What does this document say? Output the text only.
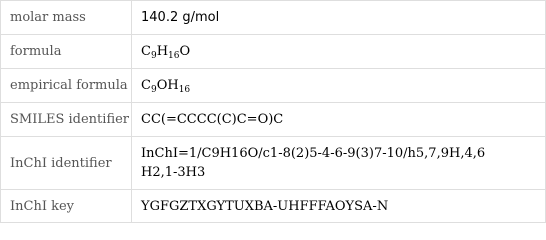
molar mass	140.2 g/mol
formula	$C_9H_{16}O$
empirical formula	$C_9OH_{16}$
SMILES identifier	CC(=CCCC(C)C=O)C
InChI identifier	InChI=1/C9H16O/c1-8(2)5-4-6-9(3)7-10/h5,7,9H,4,6
H2,1-3H3
InChI key	YGFGZTXGYTUXBA-UHFFFAOYSA-N
